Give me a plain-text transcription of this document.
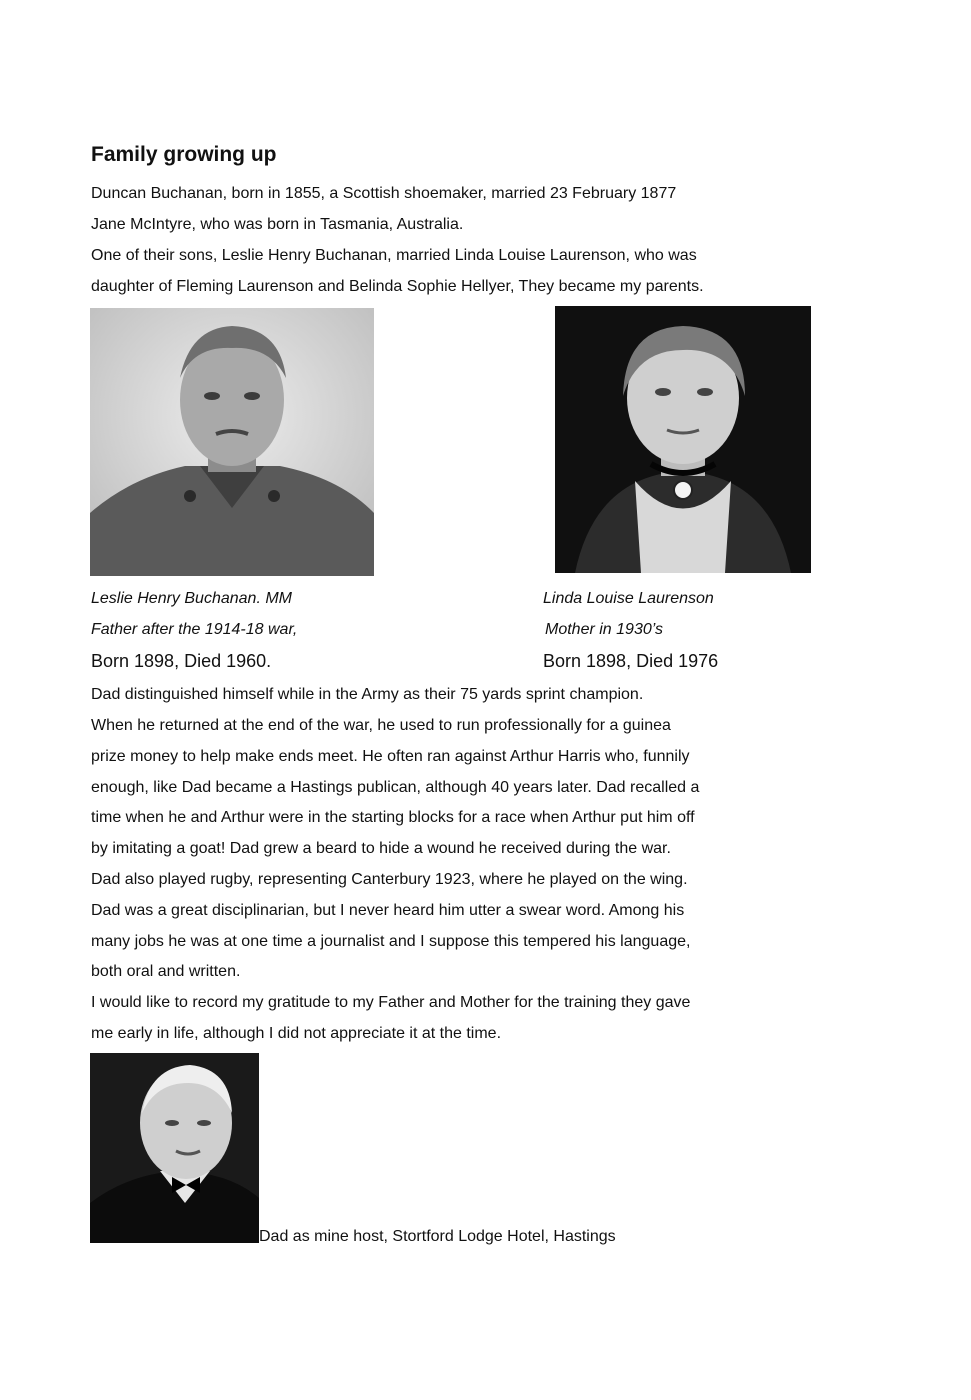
Family growing up
Duncan Buchanan, born in 1855, a Scottish shoemaker, married 23 February 1877
Jane McIntyre, who was born in Tasmania, Australia.
One of their sons, Leslie Henry Buchanan, married Linda Louise Laurenson, who was
daughter of Fleming Laurenson and Belinda Sophie Hellyer, They became my parents.
Leslie Henry Buchanan. MM
Father after the 1914-18 war,
Born 1898, Died 1960.
Linda Louise Laurenson
Mother in 1930’s
Born 1898, Died 1976
Dad distinguished himself while in the Army as their 75 yards sprint champion.
When he returned at the end of the war, he used to run professionally for a guinea
prize money to help make ends meet. He often ran against Arthur Harris who, funnily
enough, like Dad became a Hastings publican, although 40 years later. Dad recalled a
time when he and Arthur were in the starting blocks for a race when Arthur put him off
by imitating a goat! Dad grew a beard to hide a wound he received during the war.
Dad also played rugby, representing Canterbury 1923, where he played on the wing.
Dad was a great disciplinarian, but I never heard him utter a swear word. Among his
many jobs he was at one time a journalist and I suppose this tempered his language,
both oral and written.
I would like to record my gratitude to my Father and Mother for the training they gave
me early in life, although I did not appreciate it at the time.
Dad as mine host, Stortford Lodge Hotel, Hastings
